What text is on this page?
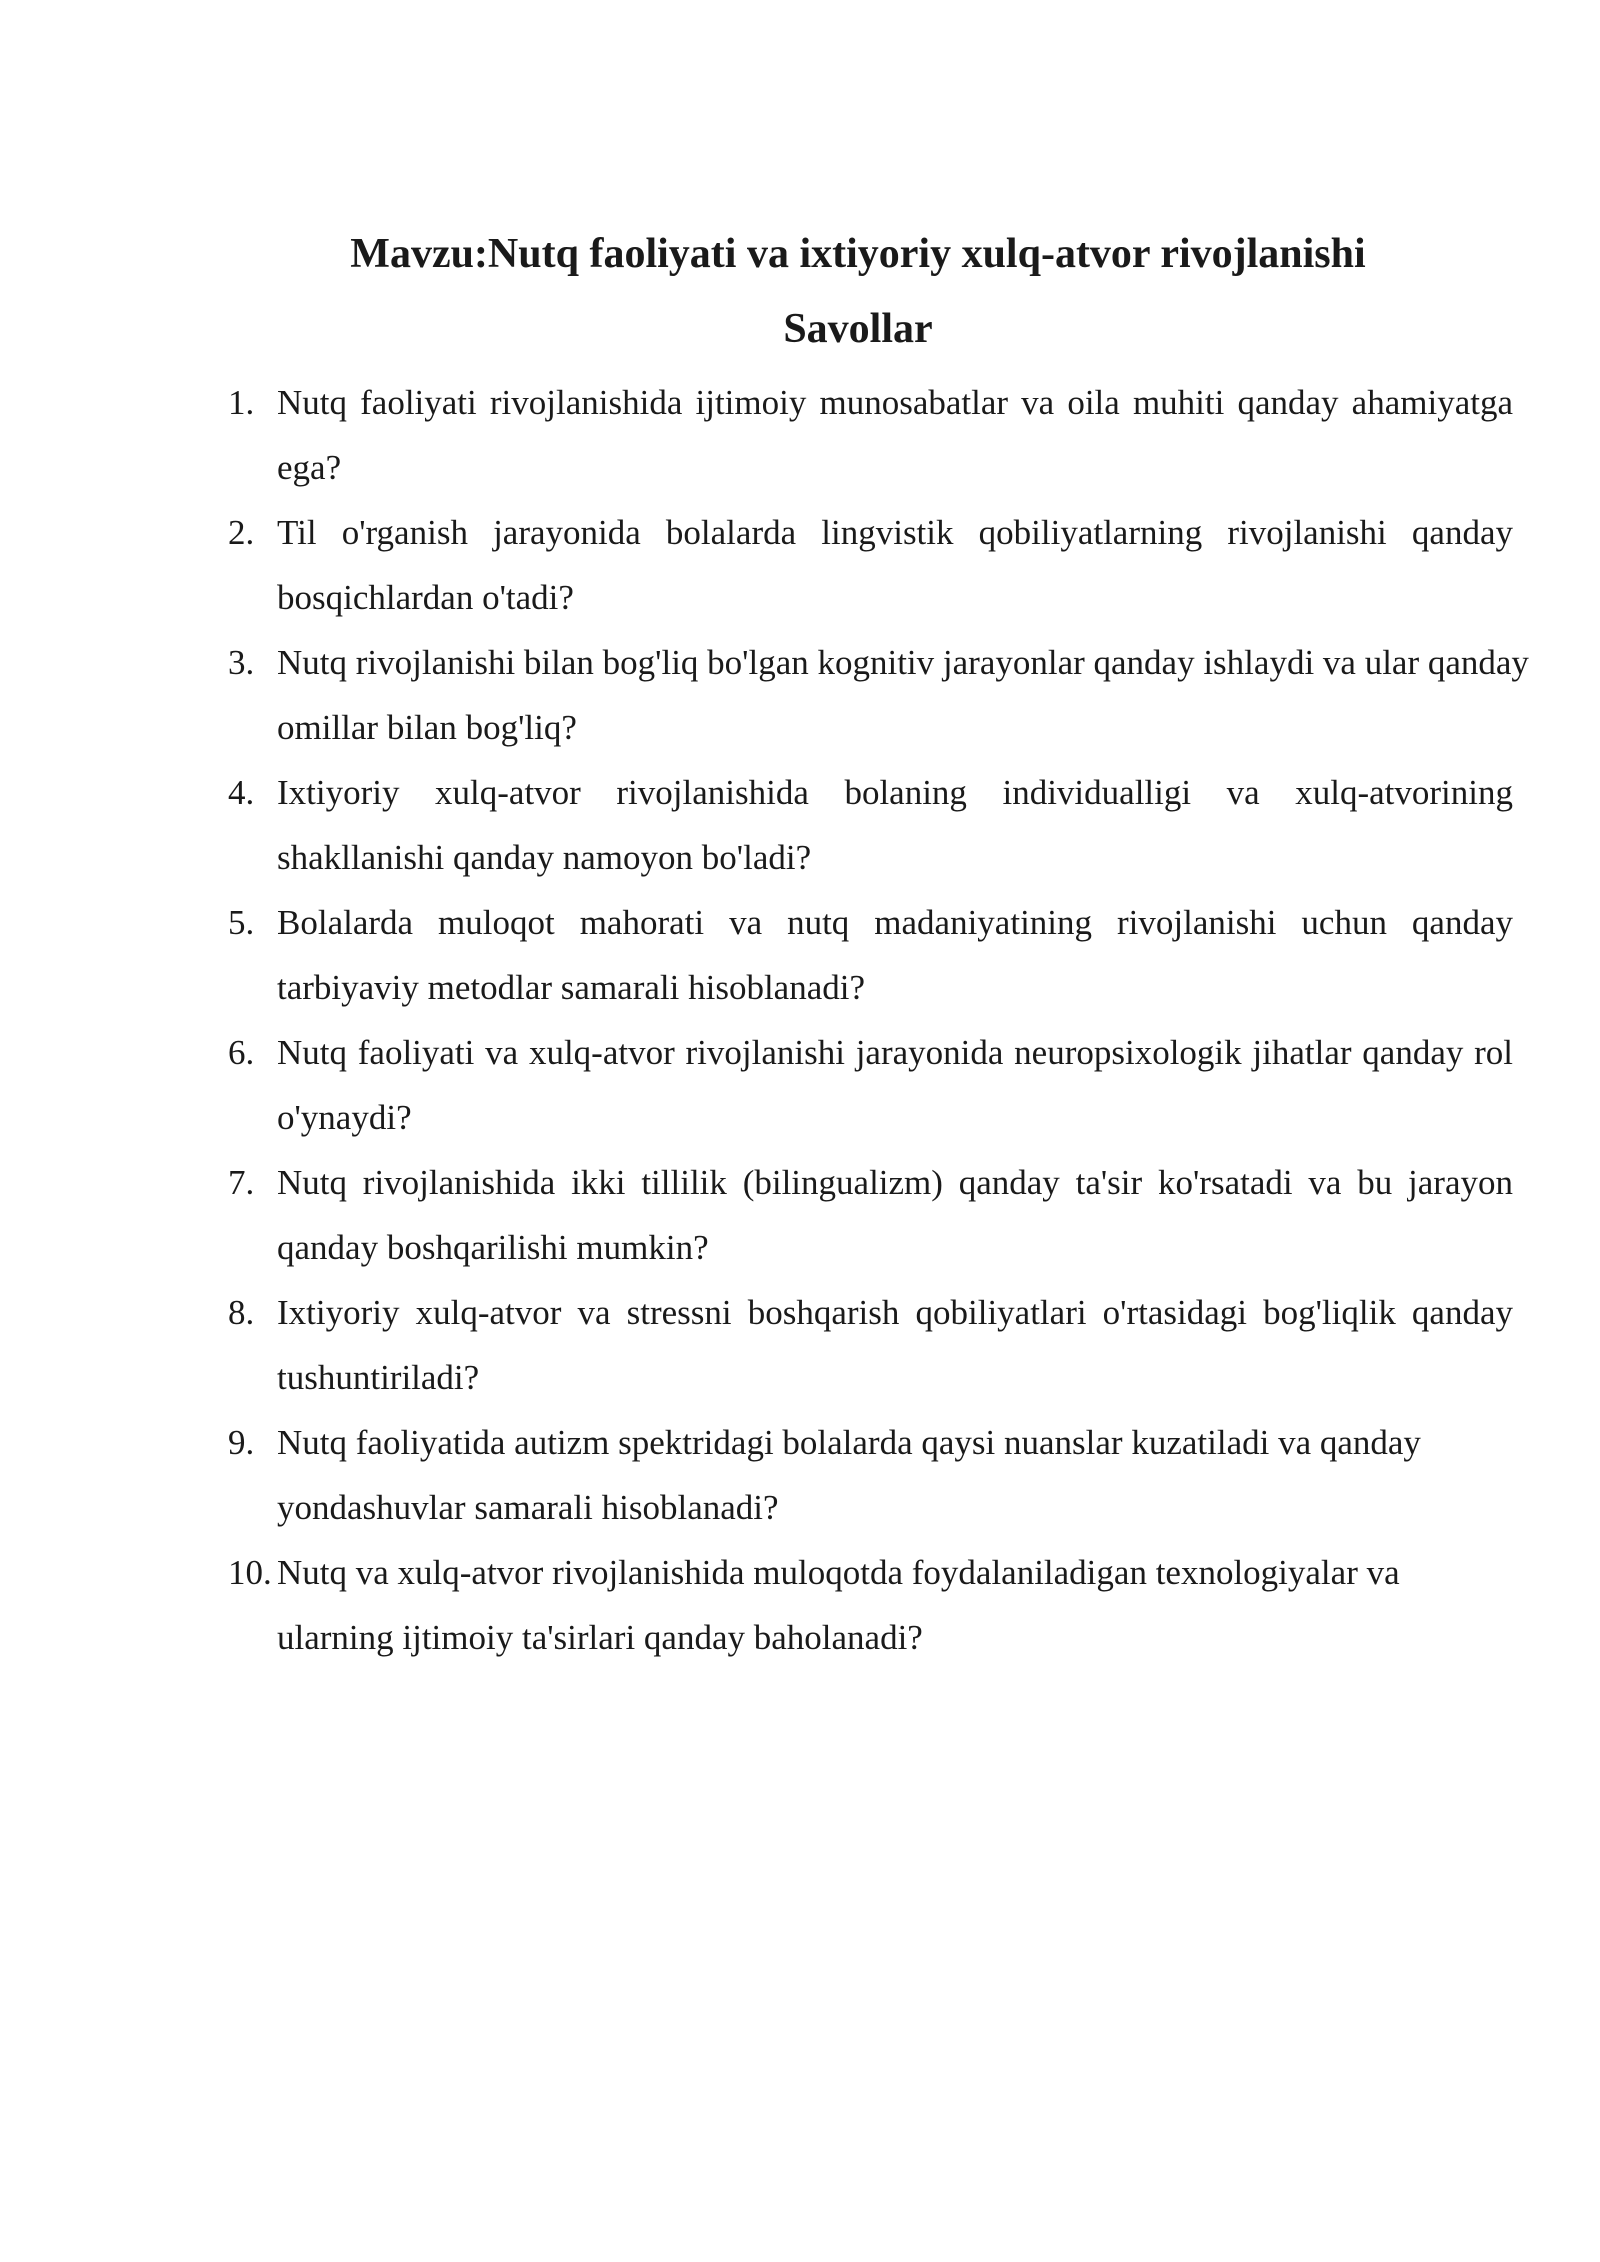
Mavzu:Nutq faoliyati va ixtiyoriy xulq-atvor rivojlanishi
Savollar
1. Nutq faoliyati rivojlanishida ijtimoiy munosabatlar va oila muhiti qanday ahamiyatga ega?
2. Til o'rganish jarayonida bolalarda lingvistik qobiliyatlarning rivojlanishi qanday bosqichlardan o'tadi?
3. Nutq rivojlanishi bilan bog'liq bo'lgan kognitiv jarayonlar qanday ishlaydi va ular qanday omillar bilan bog'liq?
4. Ixtiyoriy xulq-atvor rivojlanishida bolaning individualligi va xulq-atvorining shakllanishi qanday namoyon bo'ladi?
5. Bolalarda muloqot mahorati va nutq madaniyatining rivojlanishi uchun qanday tarbiyaviy metodlar samarali hisoblanadi?
6. Nutq faoliyati va xulq-atvor rivojlanishi jarayonida neuropsixologik jihatlar qanday rol o'ynaydi?
7. Nutq rivojlanishida ikki tillilik (bilingualizm) qanday ta'sir ko'rsatadi va bu jarayon qanday boshqarilishi mumkin?
8. Ixtiyoriy xulq-atvor va stressni boshqarish qobiliyatlari o'rtasidagi bog'liqlik qanday tushuntiriladi?
9. Nutq faoliyatida autizm spektridagi bolalarda qaysi nuanslar kuzatiladi va qanday yondashuvlar samarali hisoblanadi?
10. Nutq va xulq-atvor rivojlanishida muloqotda foydalaniladigan texnologiyalar va ularning ijtimoiy ta'sirlari qanday baholanadi?
